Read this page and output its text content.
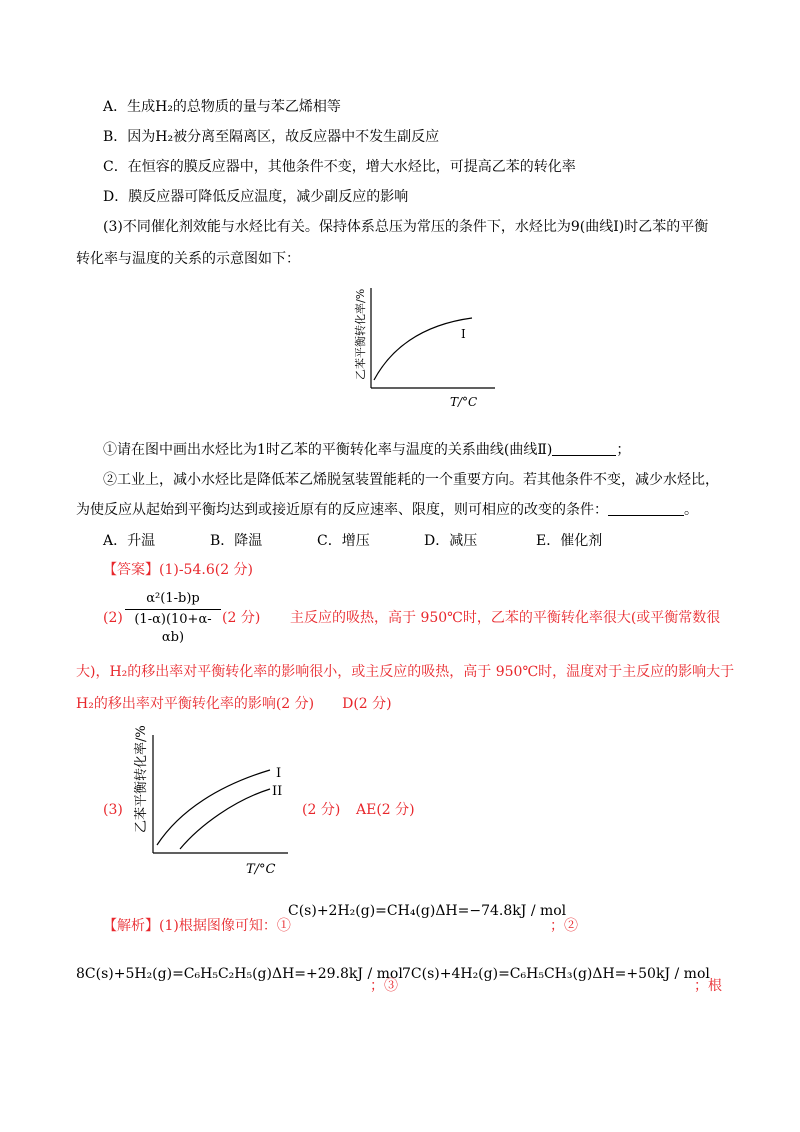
A．生成H₂的总物质的量与苯乙烯相等
B．因为H₂被分离至隔离区，故反应器中不发生副反应
C．在恒容的膜反应器中，其他条件不变，增大水烃比，可提高乙苯的转化率
D．膜反应器可降低反应温度，减少副反应的影响
(3)不同催化剂效能与水烃比有关。保持体系总压为常压的条件下，水烃比为9(曲线Ⅰ)时乙苯的平衡
转化率与温度的关系的示意图如下：
I
乙苯平衡转化率/%
T/°C
①请在图中画出水烃比为1时乙苯的平衡转化率与温度的关系曲线(曲线Ⅱ)	；
②工业上，减小水烃比是降低苯乙烯脱氢装置能耗的一个重要方向。若其他条件不变，减少水烃比，
为使反应从起始到平衡均达到或接近原有的反应速率、限度，则可相应的改变的条件：	。
A．升温	B．降温	C．增压	D．减压	E．催化剂
【答案】(1)-54.6(2 分)
(2)
α²(1-b)p
(1-α)(10+α-αb)
(2 分) 主反应的吸热，高于 950℃时，乙苯的平衡转化率很大(或平衡常数很
大)，H₂的移出率对平衡转化率的影响很小，或主反应的吸热，高于 950℃时，温度对于主反应的影响大于
H₂的移出率对平衡转化率的影响(2 分)　　D(2 分)
I
II
乙苯平衡转化率/%
T/°C
(3)	(2 分) AE(2 分)
【解析】(1)根据图像可知：①
C(s)+2H₂(g)=CH₄(g)ΔH=−74.8kJ / mol
；②
8C(s)+5H₂(g)=C₆H₅C₂H₅(g)ΔH=+29.8kJ / mol
；③
7C(s)+4H₂(g)=C₆H₅CH₃(g)ΔH=+50kJ / mol
；根
